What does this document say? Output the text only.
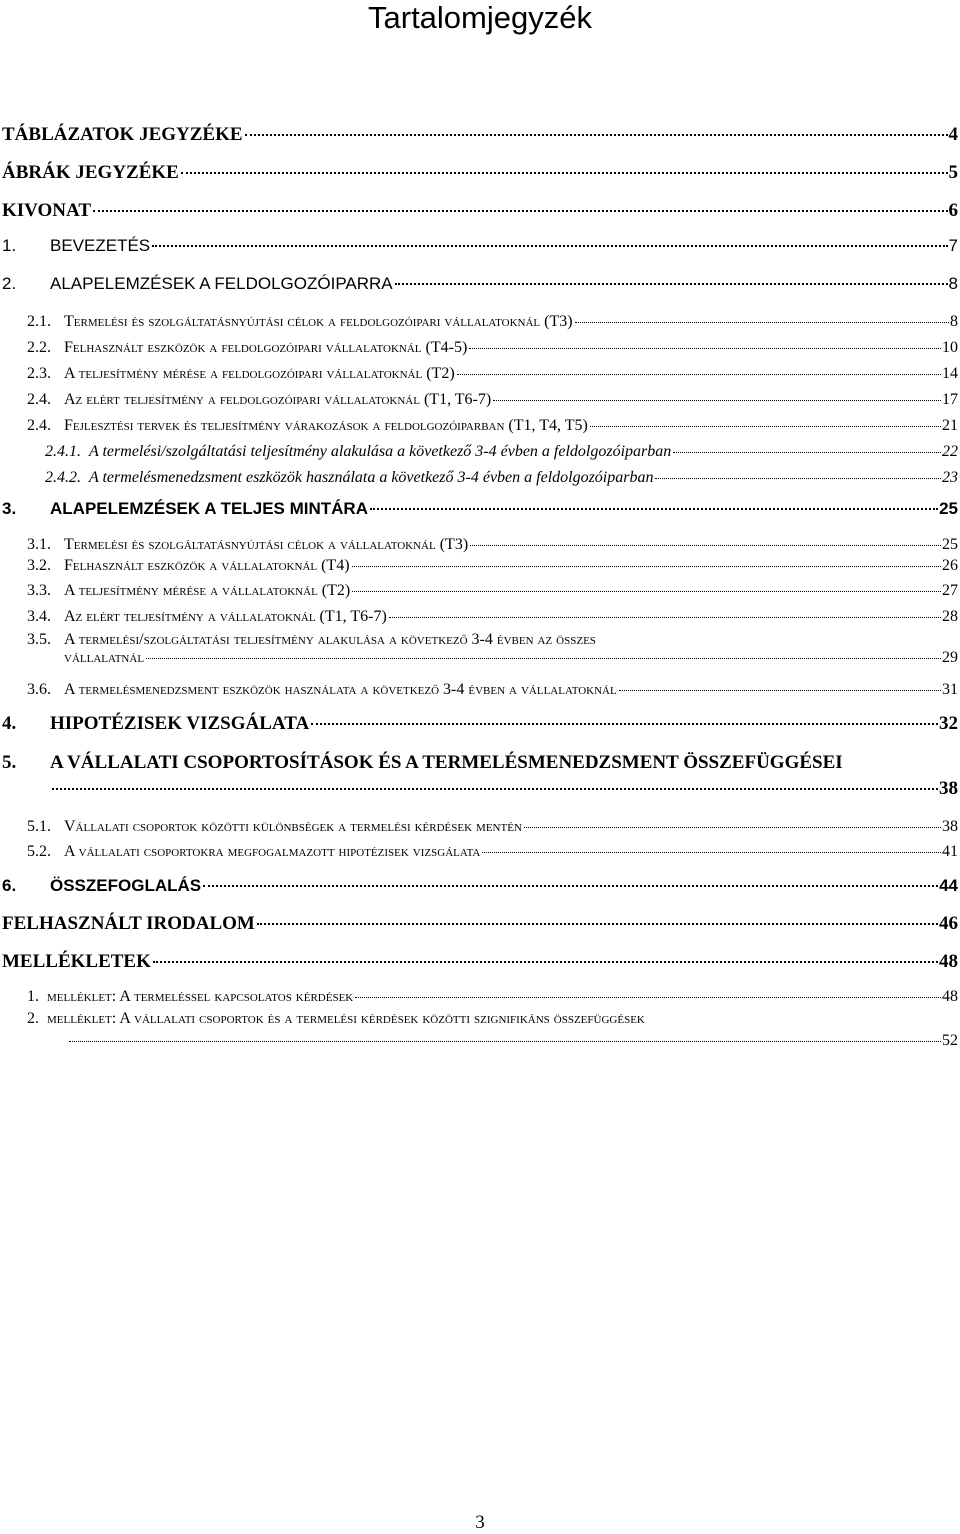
Tartalomjegyzék
TÁBLÁZATOK JEGYZÉKE	4
ÁBRÁK JEGYZÉKE	5
KIVONAT	6
1.	BEVEZETÉS	7
2.	ALAPELEMZÉSEK A FELDOLGOZÓIPARRA	8
2.1. Termelési és szolgáltatásnyújtási célok a feldolgozóipari vállalatoknál (T3)	8
2.2. Felhasznált eszközök a feldolgozóipari vállalatoknál (T4-5)	10
2.3. A teljesítmény mérése a feldolgozóipari vállalatoknál (T2)	14
2.4. Az elért teljesítmény a feldolgozóipari vállalatoknál (T1, T6-7)	17
2.4. Fejlesztési tervek és teljesítmény várakozások a feldolgozóiparban (T1, T4, T5)	21
2.4.1. A termelési/szolgáltatási teljesítmény alakulása a következő 3-4 évben a feldolgozóiparban	22
2.4.2. A termelésmenedzsment eszközök használata a következő 3-4 évben a feldolgozóiparban	23
3.	ALAPELEMZÉSEK A TELJES MINTÁRA	25
3.1. Termelési és szolgáltatásnyújtási célok a vállalatoknál (T3)	25
3.2. Felhasznált eszközök a vállalatoknál (T4)	26
3.3. A teljesítmény mérése a vállalatoknál (T2)	27
3.4. Az elért teljesítmény a vállalatoknál (T1, T6-7)	28
3.5. A termelési/szolgáltatási teljesítmény alakulása a következő 3-4 évben az összes
vállalatnál	29
3.6. A termelésmenedzsment eszközök használata a következő 3-4 évben a vállalatoknál	31
4.	HIPOTÉZISEK VIZSGÁLATA	32
5.	A VÁLLALATI CSOPORTOSÍTÁSOK ÉS A TERMELÉSMENEDZSMENT ÖSSZEFÜGGÉSEI
38
5.1. Vállalati csoportok közötti különbségek a termelési kérdések mentén	38
5.2. A vállalati csoportokra megfogalmazott hipotézisek vizsgálata	41
6.	ÖSSZEFOGLALÁS	44
FELHASZNÁLT IRODALOM	46
MELLÉKLETEK	48
1. melléklet: A termeléssel kapcsolatos kérdések	48
2. melléklet: A vállalati csoportok és a termelési kérdések közötti szignifikáns összefüggések
52
3
